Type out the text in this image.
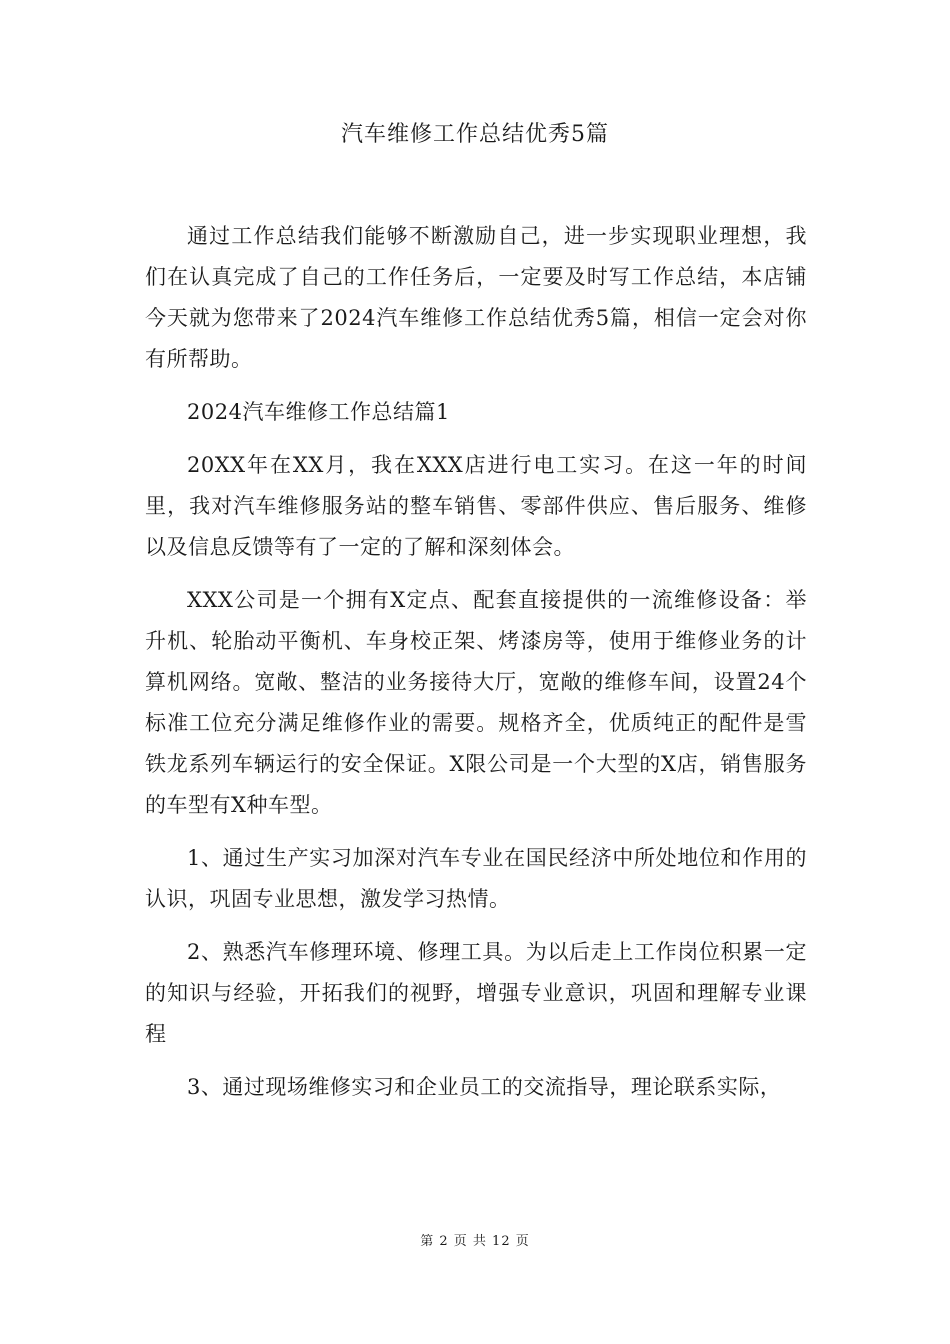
汽车维修工作总结优秀5篇

通过工作总结我们能够不断激励自己，进一步实现职业理想，我们在认真完成了自己的工作任务后，一定要及时写工作总结，本店铺今天就为您带来了2024汽车维修工作总结优秀5篇，相信一定会对你有所帮助。

2024汽车维修工作总结篇1

20XX年在XX月，我在XXX店进行电工实习。在这一年的时间里，我对汽车维修服务站的整车销售、零部件供应、售后服务、维修以及信息反馈等有了一定的了解和深刻体会。

XXX公司是一个拥有X定点、配套直接提供的一流维修设备：举升机、轮胎动平衡机、车身校正架、烤漆房等，使用于维修业务的计算机网络。宽敞、整洁的业务接待大厅，宽敞的维修车间，设置24个标准工位充分满足维修作业的需要。规格齐全，优质纯正的配件是雪铁龙系列车辆运行的安全保证。X限公司是一个大型的X店，销售服务的车型有X种车型。

1、通过生产实习加深对汽车专业在国民经济中所处地位和作用的认识，巩固专业思想，激发学习热情。

2、熟悉汽车修理环境、修理工具。为以后走上工作岗位积累一定的知识与经验，开拓我们的视野，增强专业意识，巩固和理解专业课程

3、通过现场维修实习和企业员工的交流指导，理论联系实际，

第 2 页 共 12 页
